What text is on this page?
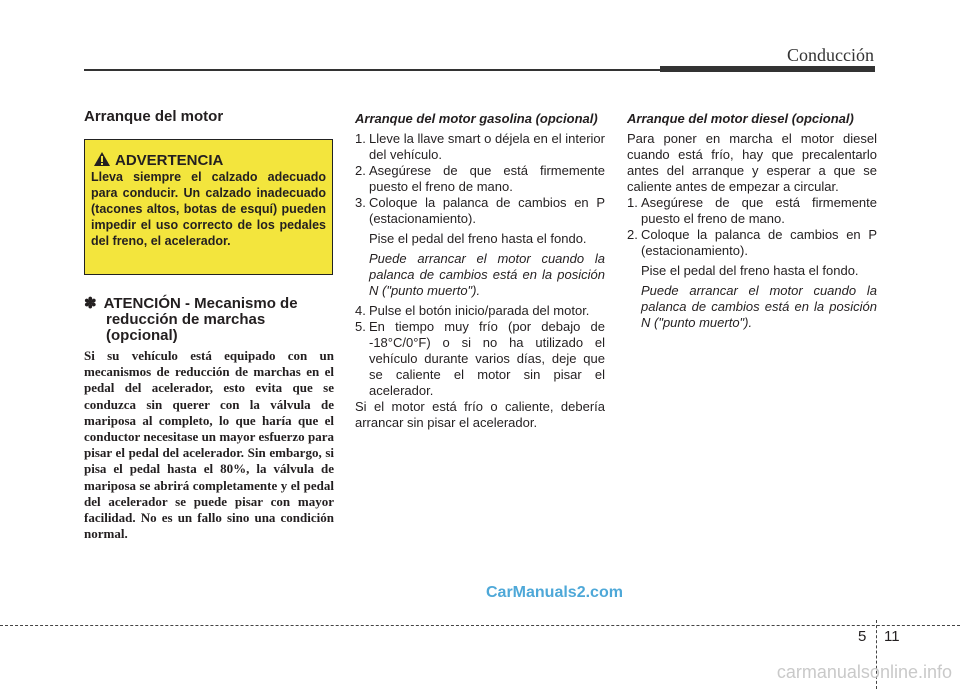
Conducción
Arranque del motor
ADVERTENCIA
Lleva siempre el calzado adecuado para conducir. Un calzado inadecuado (tacones altos, botas de esquí) pueden impedir el uso correcto de los pedales del freno, el acelerador.
✽ ATENCIÓN - Mecanismo de
reducción de marchas
(opcional)
Si su vehículo está equipado con un mecanismos de reducción de marchas en el pedal del acelerador, esto evita que se conduzca sin querer con la válvula de mariposa al completo, lo que haría que el conductor necesitase un mayor esfuerzo para pisar el pedal del acelerador. Sin embargo, si pisa el pedal hasta el 80%, la válvula de mariposa se abrirá completamente y el pedal del acelerador se puede pisar con mayor facilidad. No es un fallo sino una condición normal.
Arranque del motor gasolina (opcional)
1. Lleve la llave smart o déjela en el interior del vehículo.
2. Asegúrese de que está firmemente puesto el freno de mano.
3. Coloque la palanca de cambios en P (estacionamiento).

Pise el pedal del freno hasta el fondo.

Puede arrancar el motor cuando la palanca de cambios está en la posición N ("punto muerto").

4. Pulse el botón inicio/parada del motor.
5. En tiempo muy frío (por debajo de -18°C/0°F) o si no ha utilizado el vehículo durante varios días, deje que se caliente el motor sin pisar el acelerador.

Si el motor está frío o caliente, debería arrancar sin pisar el acelerador.

Arranque del motor diesel (opcional)

Para poner en marcha el motor diesel cuando está frío, hay que precalentarlo antes del arranque y esperar a que se caliente antes de empezar a circular.

1. Asegúrese de que está firmemente puesto el freno de mano.
2. Coloque la palanca de cambios en P (estacionamiento).

Pise el pedal del freno hasta el fondo.

Puede arrancar el motor cuando la palanca de cambios está en la posición N ("punto muerto").

CarManuals2.com
5 11
carmanualsonline.info
